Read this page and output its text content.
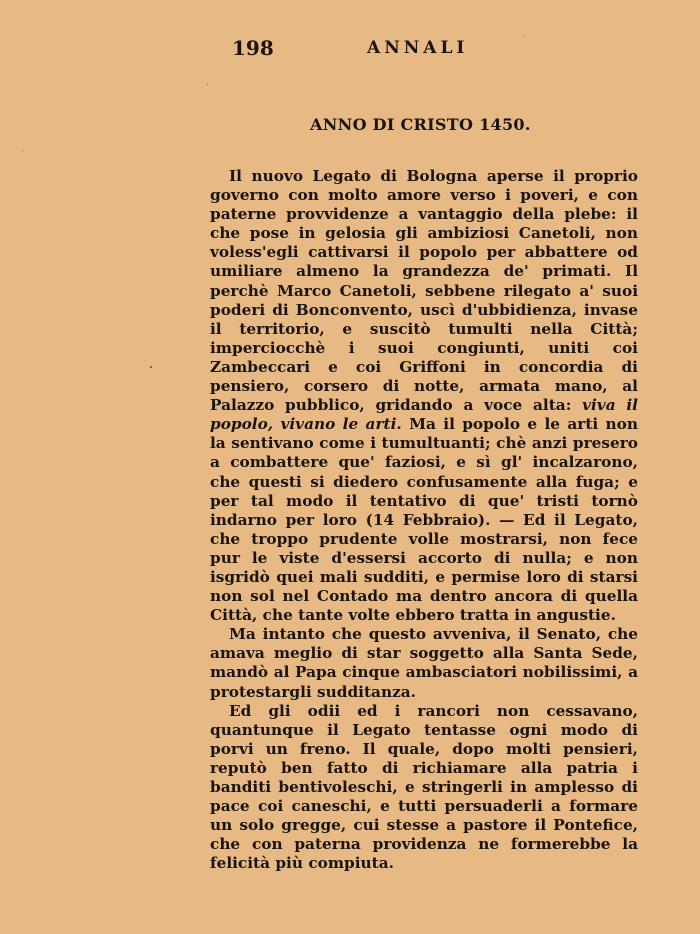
198	ANNALI
ANNO DI CRISTO 1450.

Il nuovo Legato di Bologna aperse il proprio governo con molto amore verso i poveri, e con paterne provvidenze a vantaggio della plebe: il che pose in gelosia gli ambiziosi Canetoli, non voless'egli cattivarsi il popolo per abbattere od umiliare almeno la grandezza de' primati. Il perchè Marco Canetoli, sebbene rilegato a' suoi poderi di Bonconvento, uscì d'ubbidienza, invase il territorio, e suscitò tumulti nella Città; imperciocchè i suoi congiunti, uniti coi Zambeccari e coi Griffoni in concordia di pensiero, corsero di notte, armata mano, al Palazzo pubblico, gridando a voce alta: viva il popolo, vivano le arti. Ma il popolo e le arti non la sentivano come i tumultuanti; chè anzi presero a combattere que' faziosi, e sì gl' incalzarono, che questi si diedero confusamente alla fuga; e per tal modo il tentativo di que' tristi tornò indarno per loro (14 Febbraio). — Ed il Legato, che troppo prudente volle mostrarsi, non fece pur le viste d'essersi accorto di nulla; e non isgridò quei mali sudditi, e permise loro di starsi non sol nel Contado ma dentro ancora di quella Città, che tante volte ebbero tratta in angustie.

Ma intanto che questo avveniva, il Senato, che amava meglio di star soggetto alla Santa Sede, mandò al Papa cinque ambasciatori nobilissimi, a protestargli sudditanza.

Ed gli odii ed i rancori non cessavano, quantunque il Legato tentasse ogni modo di porvi un freno. Il quale, dopo molti pensieri, reputò ben fatto di richiamare alla patria i banditi bentivoleschi, e stringerli in amplesso di pace coi caneschi, e tutti persuaderli a formare un solo gregge, cui stesse a pastore il Pontefice, che con paterna providenza ne formerebbe la felicità più compiuta.
